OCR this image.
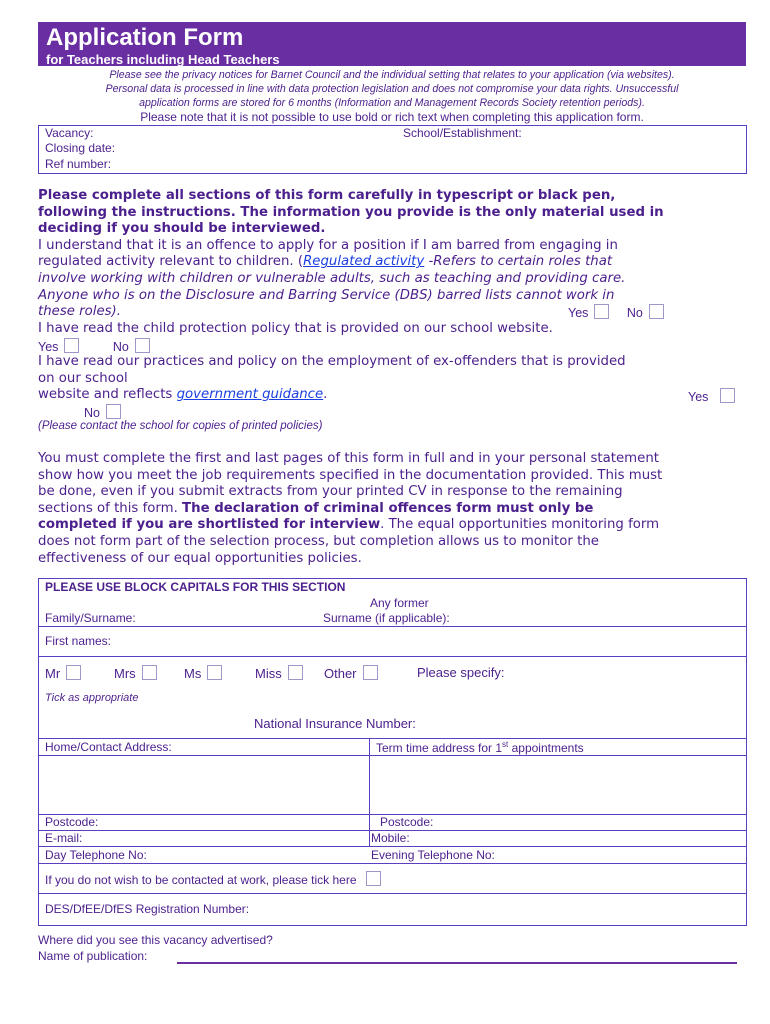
Application Form
for Teachers including Head Teachers
Please see the privacy notices for Barnet Council and the individual setting that relates to your application (via websites).
Personal data is processed in line with data protection legislation and does not compromise your data rights. Unsuccessful
application forms are stored for 6 months (Information and Management Records Society retention periods).
Please note that it is not possible to use bold or rich text when completing this application form.
Vacancy:	School/Establishment:
Closing date:
Ref number:
Please complete all sections of this form carefully in typescript or black pen,
following the instructions. The information you provide is the only material used in
deciding if you should be interviewed.
I understand that it is an offence to apply for a position if I am barred from engaging in
regulated activity relevant to children. (Regulated activity -Refers to certain roles that
involve working with children or vulnerable adults, such as teaching and providing care.
Anyone who is on the Disclosure and Barring Service (DBS) barred lists cannot work in
these roles).
I have read the child protection policy that is provided on our school website.
I have read our practices and policy on the employment of ex-offenders that is provided
on our school
website and reflects government guidance.
Yes	No
Yes	No
Yes
No
(Please contact the school for copies of printed policies)
You must complete the first and last pages of this form in full and in your personal statement
show how you meet the job requirements specified in the documentation provided. This must
be done, even if you submit extracts from your printed CV in response to the remaining
sections of this form. The declaration of criminal offences form must only be
completed if you are shortlisted for interview. The equal opportunities monitoring form
does not form part of the selection process, but completion allows us to monitor the
effectiveness of our equal opportunities policies.
PLEASE USE BLOCK CAPITALS FOR THIS SECTION
Any former
Family/Surname:	Surname (if applicable):
First names:
Mr	Mrs	Ms	Miss	Other	Please specify:
Tick as appropriate
National Insurance Number:
Home/Contact Address:	Term time address for 1st appointments
Postcode:	Postcode:
E-mail:	Mobile:
Day Telephone No:	Evening Telephone No:
If you do not wish to be contacted at work, please tick here
DES/DfEE/DfES Registration Number:
Where did you see this vacancy advertised?
Name of publication:
